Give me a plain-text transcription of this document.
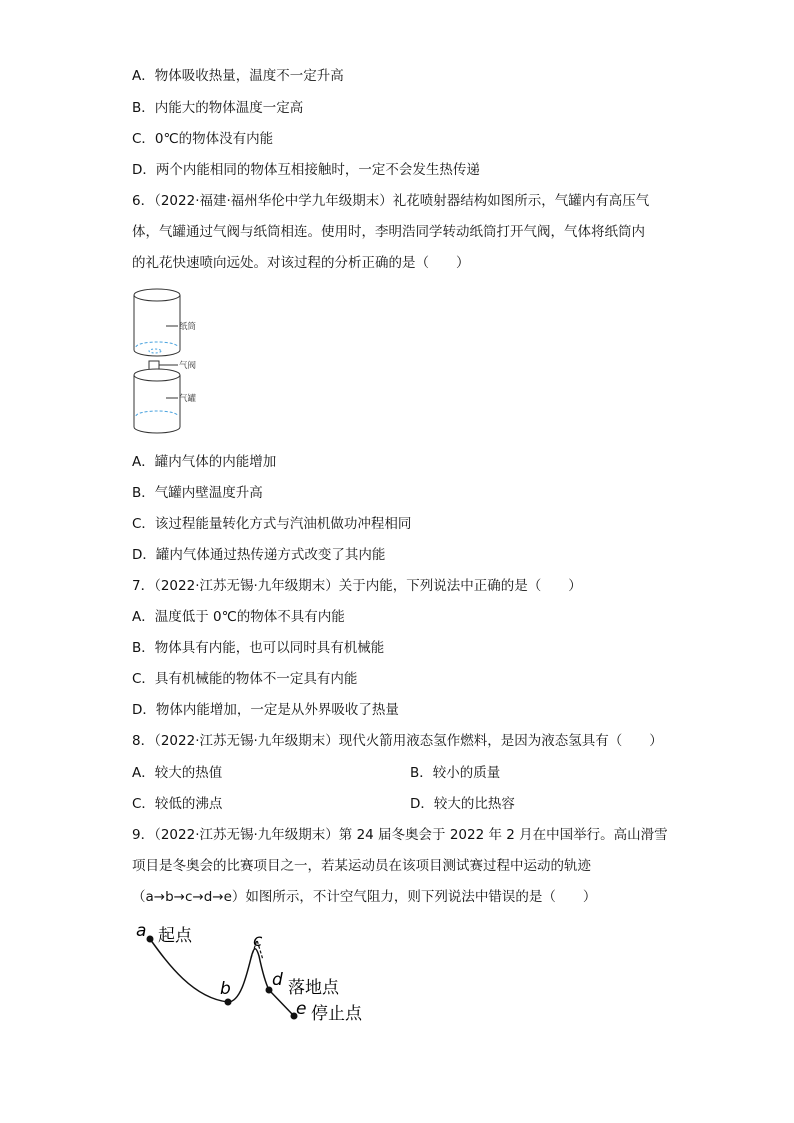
A．物体吸收热量，温度不一定升高
B．内能大的物体温度一定高
C．0℃的物体没有内能
D．两个内能相同的物体互相接触时，一定不会发生热传递
6．（2022·福建·福州华伦中学九年级期末）礼花喷射器结构如图所示，气罐内有高压气
体，气罐通过气阀与纸筒相连。使用时，李明浩同学转动纸筒打开气阀，气体将纸筒内
的礼花快速喷向远处。对该过程的分析正确的是（　　）
纸筒
气阀
气罐
A．罐内气体的内能增加
B．气罐内壁温度升高
C．该过程能量转化方式与汽油机做功冲程相同
D．罐内气体通过热传递方式改变了其内能
7．（2022·江苏无锡·九年级期末）关于内能，下列说法中正确的是（　　）
A．温度低于 0℃的物体不具有内能
B．物体具有内能，也可以同时具有机械能
C．具有机械能的物体不一定具有内能
D．物体内能增加，一定是从外界吸收了热量
8．（2022·江苏无锡·九年级期末）现代火箭用液态氢作燃料，是因为液态氢具有（　　）
A．较大的热值	B．较小的质量
C．较低的沸点	D．较大的比热容
9．（2022·江苏无锡·九年级期末）第 24 届冬奥会于 2022 年 2 月在中国举行。高山滑雪
项目是冬奥会的比赛项目之一，若某运动员在该项目测试赛过程中运动的轨迹
（a→b→c→d→e）如图所示，不计空气阻力，则下列说法中错误的是（　　）
a 起点
b
c
d 落地点
e 停止点
